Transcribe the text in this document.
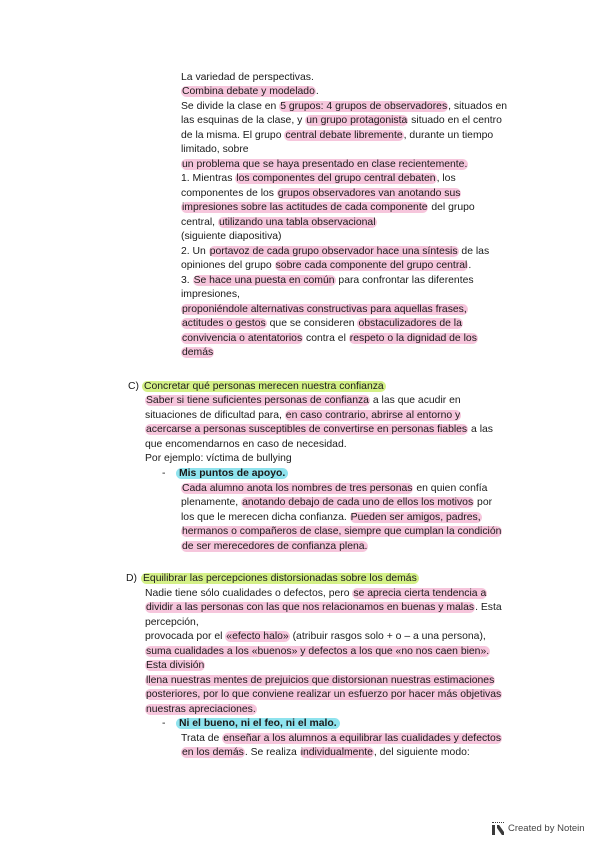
La variedad de perspectivas.
Combina debate y modelado.
Se divide la clase en 5 grupos: 4 grupos de observadores, situados en
las esquinas de la clase, y un grupo protagonista situado en el centro
de la misma. El grupo central debate libremente, durante un tiempo
limitado, sobre
un problema que se haya presentado en clase recientemente.
1. Mientras los componentes del grupo central debaten, los
componentes de los grupos observadores van anotando sus
impresiones sobre las actitudes de cada componente del grupo
central, utilizando una tabla observacional
(siguiente diapositiva)
2. Un portavoz de cada grupo observador hace una síntesis de las
opiniones del grupo sobre cada componente del grupo central.
3. Se hace una puesta en común para confrontar las diferentes
impresiones,
proponiéndole alternativas constructivas para aquellas frases,
actitudes o gestos que se consideren obstaculizadores de la
convivencia o atentatorios contra el respeto o la dignidad de los
demás
C) Concretar qué personas merecen nuestra confianza
Saber si tiene suficientes personas de confianza a las que acudir en
situaciones de dificultad para, en caso contrario, abrirse al entorno y
acercarse a personas susceptibles de convertirse en personas fiables a las
que encomendarnos en caso de necesidad.
Por ejemplo: víctima de bullying
- Mis puntos de apoyo.
Cada alumno anota los nombres de tres personas en quien confía
plenamente, anotando debajo de cada uno de ellos los motivos por
los que le merecen dicha confianza. Pueden ser amigos, padres,
hermanos o compañeros de clase, siempre que cumplan la condición
de ser merecedores de confianza plena.
D) Equilibrar las percepciones distorsionadas sobre los demás
Nadie tiene sólo cualidades o defectos, pero se aprecia cierta tendencia a
dividir a las personas con las que nos relacionamos en buenas y malas. Esta
percepción,
provocada por el «efecto halo» (atribuir rasgos solo + o – a una persona),
suma cualidades a los «buenos» y defectos a los que «no nos caen bien».
Esta división
llena nuestras mentes de prejuicios que distorsionan nuestras estimaciones
posteriores, por lo que conviene realizar un esfuerzo por hacer más objetivas
nuestras apreciaciones.
- Ni el bueno, ni el feo, ni el malo.
Trata de enseñar a los alumnos a equilibrar las cualidades y defectos
en los demás. Se realiza individualmente, del siguiente modo:
Created by Notein
